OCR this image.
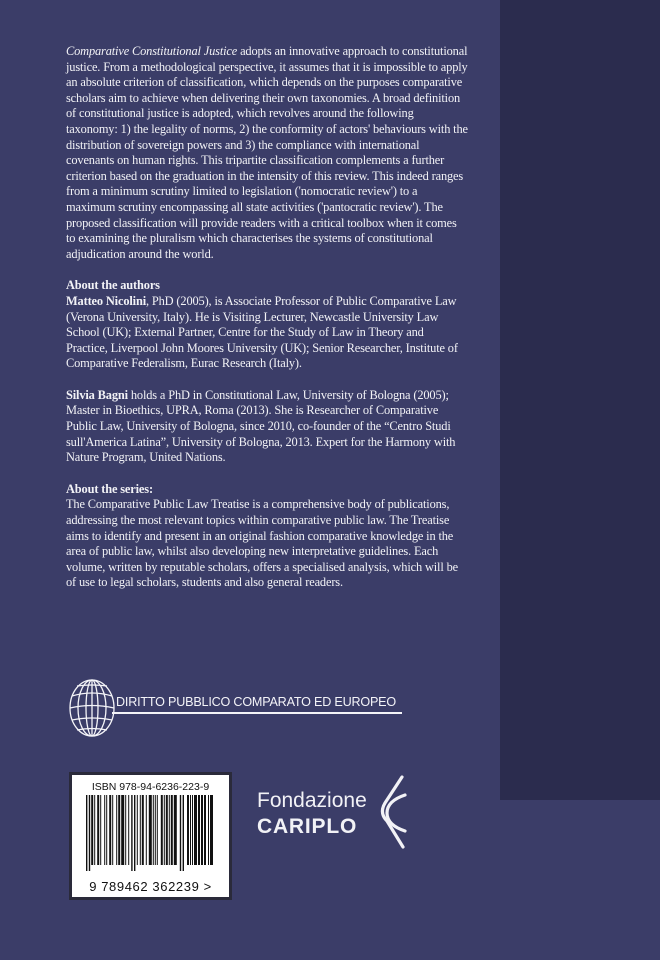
Comparative Constitutional Justice adopts an innovative approach to constitutional justice. From a methodological perspective, it assumes that it is impossible to apply an absolute criterion of classification, which depends on the purposes comparative scholars aim to achieve when delivering their own taxonomies. A broad definition of constitutional justice is adopted, which revolves around the following taxonomy: 1) the legality of norms, 2) the conformity of actors' behaviours with the distribution of sovereign powers and 3) the compliance with international covenants on human rights. This tripartite classification complements a further criterion based on the graduation in the intensity of this review. This indeed ranges from a minimum scrutiny limited to legislation ('nomocratic review') to a maximum scrutiny encompassing all state activities ('pantocratic review'). The proposed classification will provide readers with a critical toolbox when it comes to examining the pluralism which characterises the systems of constitutional adjudication around the world.

About the authors

Matteo Nicolini, PhD (2005), is Associate Professor of Public Comparative Law (Verona University, Italy). He is Visiting Lecturer, Newcastle University Law School (UK); External Partner, Centre for the Study of Law in Theory and Practice, Liverpool John Moores University (UK); Senior Researcher, Institute of Comparative Federalism, Eurac Research (Italy).

Silvia Bagni holds a PhD in Constitutional Law, University of Bologna (2005); Master in Bioethics, UPRA, Roma (2013). She is Researcher of Comparative Public Law, University of Bologna, since 2010, co-founder of the “Centro Studi sull'America Latina”, University of Bologna, 2013. Expert for the Harmony with Nature Program, United Nations.

About the series:

The Comparative Public Law Treatise is a comprehensive body of publications, addressing the most relevant topics within comparative public law. The Treatise aims to identify and present in an original fashion comparative knowledge in the area of public law, whilst also developing new interpretative guidelines. Each volume, written by reputable scholars, offers a specialised analysis, which will be of use to legal scholars, students and also general readers.

DIRITTO PUBBLICO COMPARATO ED EUROPEO
ISBN 978-94-6236-223-9
9 789462 362239 >
Fondazione
CARIPLO
